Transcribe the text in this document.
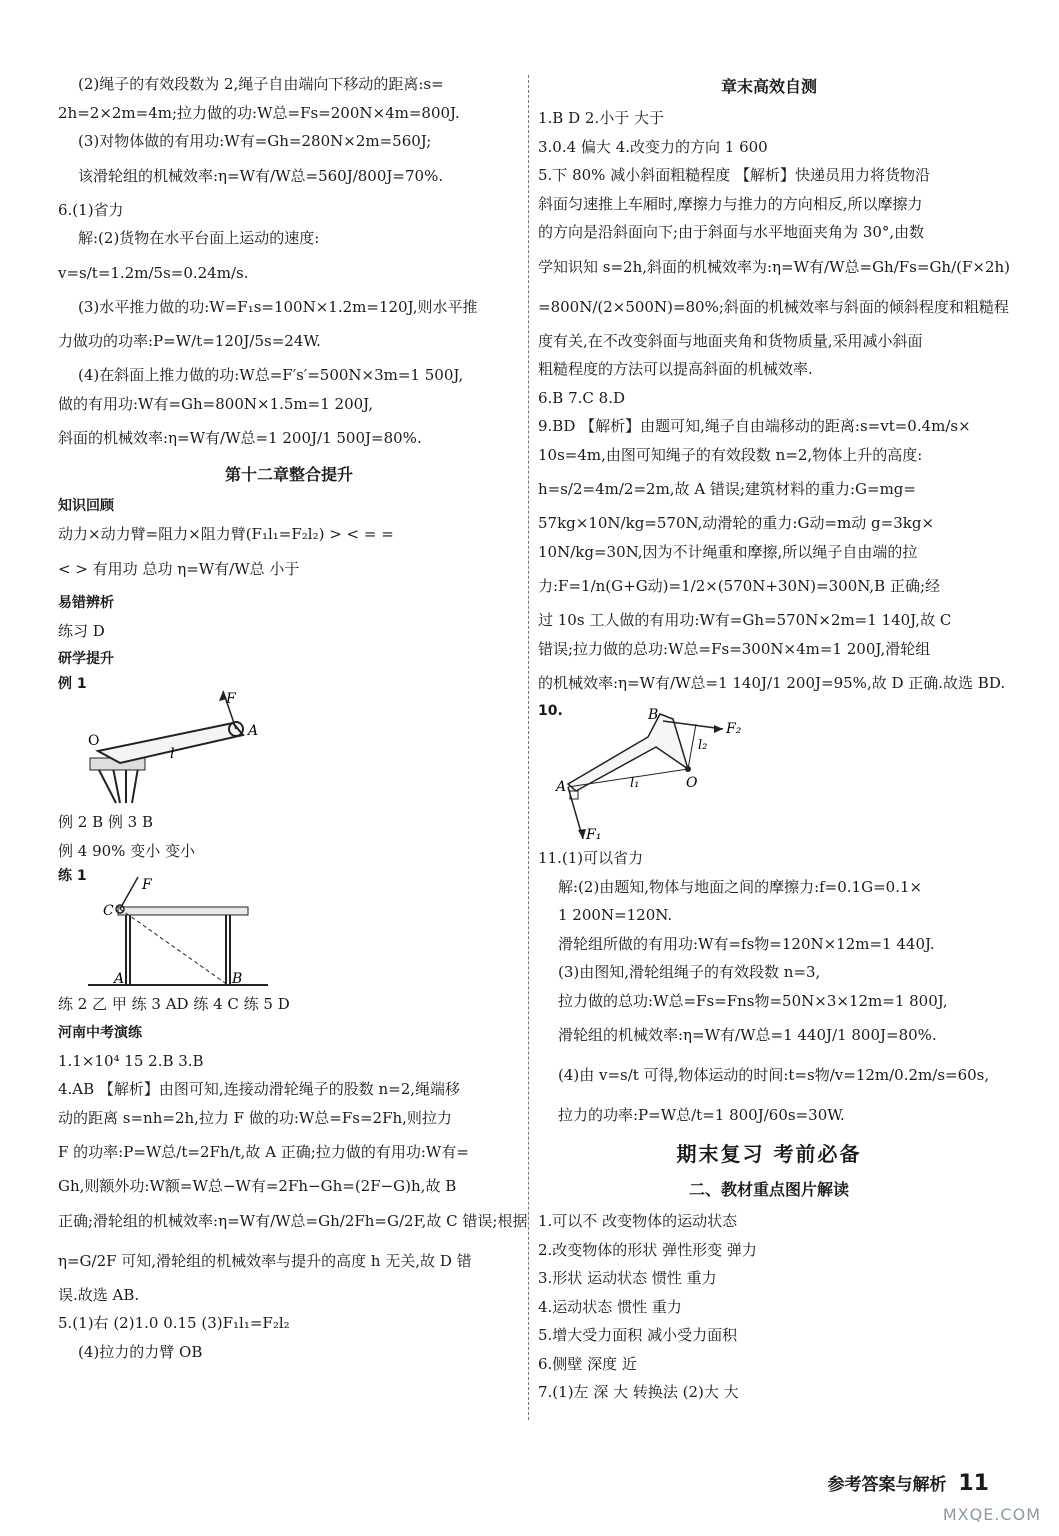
(2)绳子的有效段数为 2,绳子自由端向下移动的距离:s=
2h=2×2m=4m;拉力做的功:W总=Fs=200N×4m=800J.
(3)对物体做的有用功:W有=Gh=280N×2m=560J;
该滑轮组的机械效率:η=W有/W总=560J/800J=70%.
6.(1)省力
解:(2)货物在水平台面上运动的速度:
v=s/t=1.2m/5s=0.24m/s.
(3)水平推力做的功:W=F₁s=100N×1.2m=120J,则水平推
力做功的功率:P=W/t=120J/5s=24W.
(4)在斜面上推力做的功:W总=F′s′=500N×3m=1 500J,
做的有用功:W有=Gh=800N×1.5m=1 200J,
斜面的机械效率:η=W有/W总=1 200J/1 500J=80%.
第十二章整合提升
知识回顾
动力×动力臂=阻力×阻力臂(F₁l₁=F₂l₂) > < = =
< > 有用功 总功 η=W有/W总 小于
易错辨析
练习 D
研学提升
例 1
F
O
A
l
例 2 B 例 3 B
例 4 90% 变小 变小
练 1
F
C
A	B
练 2 乙 甲 练 3 AD 练 4 C 练 5 D
河南中考演练
1.1×10⁴ 15 2.B 3.B
4.AB 【解析】由图可知,连接动滑轮绳子的股数 n=2,绳端移
动的距离 s=nh=2h,拉力 F 做的功:W总=Fs=2Fh,则拉力
F 的功率:P=W总/t=2Fh/t,故 A 正确;拉力做的有用功:W有=
Gh,则额外功:W额=W总−W有=2Fh−Gh=(2F−G)h,故 B
正确;滑轮组的机械效率:η=W有/W总=Gh/2Fh=G/2F,故 C 错误;根据
η=G/2F 可知,滑轮组的机械效率与提升的高度 h 无关,故 D 错
误.故选 AB.
5.(1)右 (2)1.0 0.15 (3)F₁l₁=F₂l₂
(4)拉力的力臂 OB
章末高效自测
1.B D 2.小于 大于
3.0.4 偏大 4.改变力的方向 1 600
5.下 80% 减小斜面粗糙程度 【解析】快递员用力将货物沿
斜面匀速推上车厢时,摩擦力与推力的方向相反,所以摩擦力
的方向是沿斜面向下;由于斜面与水平地面夹角为 30°,由数
学知识知 s=2h,斜面的机械效率为:η=W有/W总=Gh/Fs=Gh/(F×2h)
=800N/(2×500N)=80%;斜面的机械效率与斜面的倾斜程度和粗糙程
度有关,在不改变斜面与地面夹角和货物质量,采用减小斜面
粗糙程度的方法可以提高斜面的机械效率.
6.B 7.C 8.D
9.BD 【解析】由题可知,绳子自由端移动的距离:s=vt=0.4m/s×
10s=4m,由图可知绳子的有效段数 n=2,物体上升的高度:
h=s/2=4m/2=2m,故 A 错误;建筑材料的重力:G=mg=
57kg×10N/kg=570N,动滑轮的重力:G动=m动 g=3kg×
10N/kg=30N,因为不计绳重和摩擦,所以绳子自由端的拉
力:F=1/n(G+G动)=1/2×(570N+30N)=300N,B 正确;经
过 10s 工人做的有用功:W有=Gh=570N×2m=1 140J,故 C
错误;拉力做的总功:W总=Fs=300N×4m=1 200J,滑轮组
的机械效率:η=W有/W总=1 140J/1 200J=95%,故 D 正确.故选 BD.
10.	B
A	O
F₁
F₂
l₁
l₂
11.(1)可以省力
解:(2)由题知,物体与地面之间的摩擦力:f=0.1G=0.1×
1 200N=120N.
滑轮组所做的有用功:W有=fs物=120N×12m=1 440J.
(3)由图知,滑轮组绳子的有效段数 n=3,
拉力做的总功:W总=Fs=Fns物=50N×3×12m=1 800J,
滑轮组的机械效率:η=W有/W总=1 440J/1 800J=80%.
(4)由 v=s/t 可得,物体运动的时间:t=s物/v=12m/0.2m/s=60s,
拉力的功率:P=W总/t=1 800J/60s=30W.
期末复习 考前必备
二、教材重点图片解读
1.可以不 改变物体的运动状态
2.改变物体的形状 弹性形变 弹力
3.形状 运动状态 惯性 重力
4.运动状态 惯性 重力
5.增大受力面积 减小受力面积
6.侧壁 深度 近
7.(1)左 深 大 转换法 (2)大 大
参考答案与解析 11
MXQE.COM
